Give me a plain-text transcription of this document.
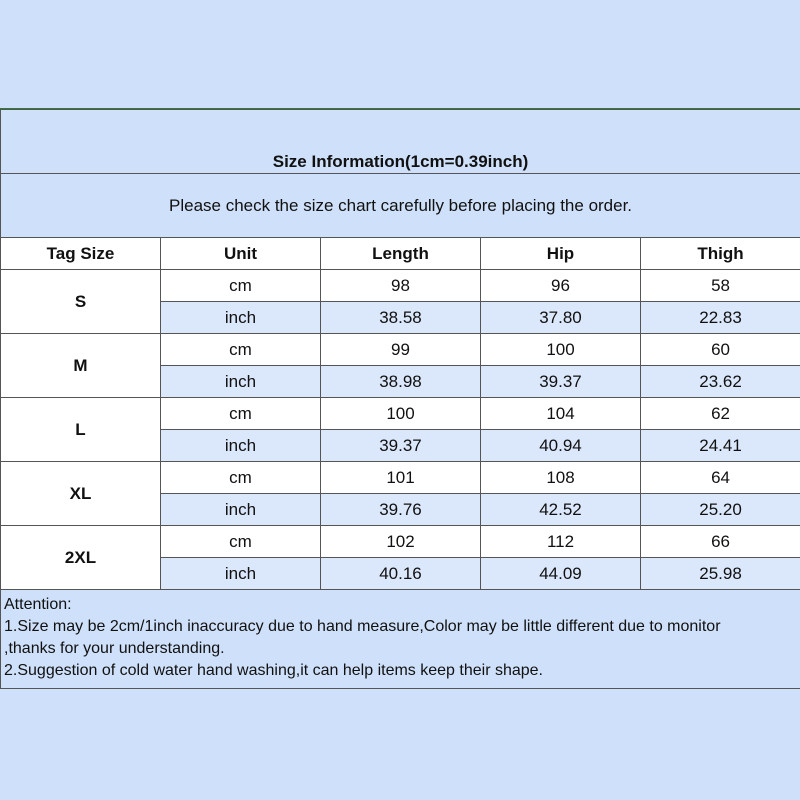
Size Information(1cm=0.39inch)				
Please check the size chart carefully before placing the order.				
Tag Size	Unit	Length	Hip	Thigh
S	cm	98	96	58
	inch	38.58	37.80	22.83
M	cm	99	100	60
	inch	38.98	39.37	23.62
L	cm	100	104	62
	inch	39.37	40.94	24.41
XL	cm	101	108	64
	inch	39.76	42.52	25.20
2XL	cm	102	112	66
	inch	40.16	44.09	25.98

Attention:
1.Size may be 2cm/1inch inaccuracy due to hand measure,Color may be little different due to monitor
,thanks for your understanding.
2.Suggestion of cold water hand washing,it can help items keep their shape.				
